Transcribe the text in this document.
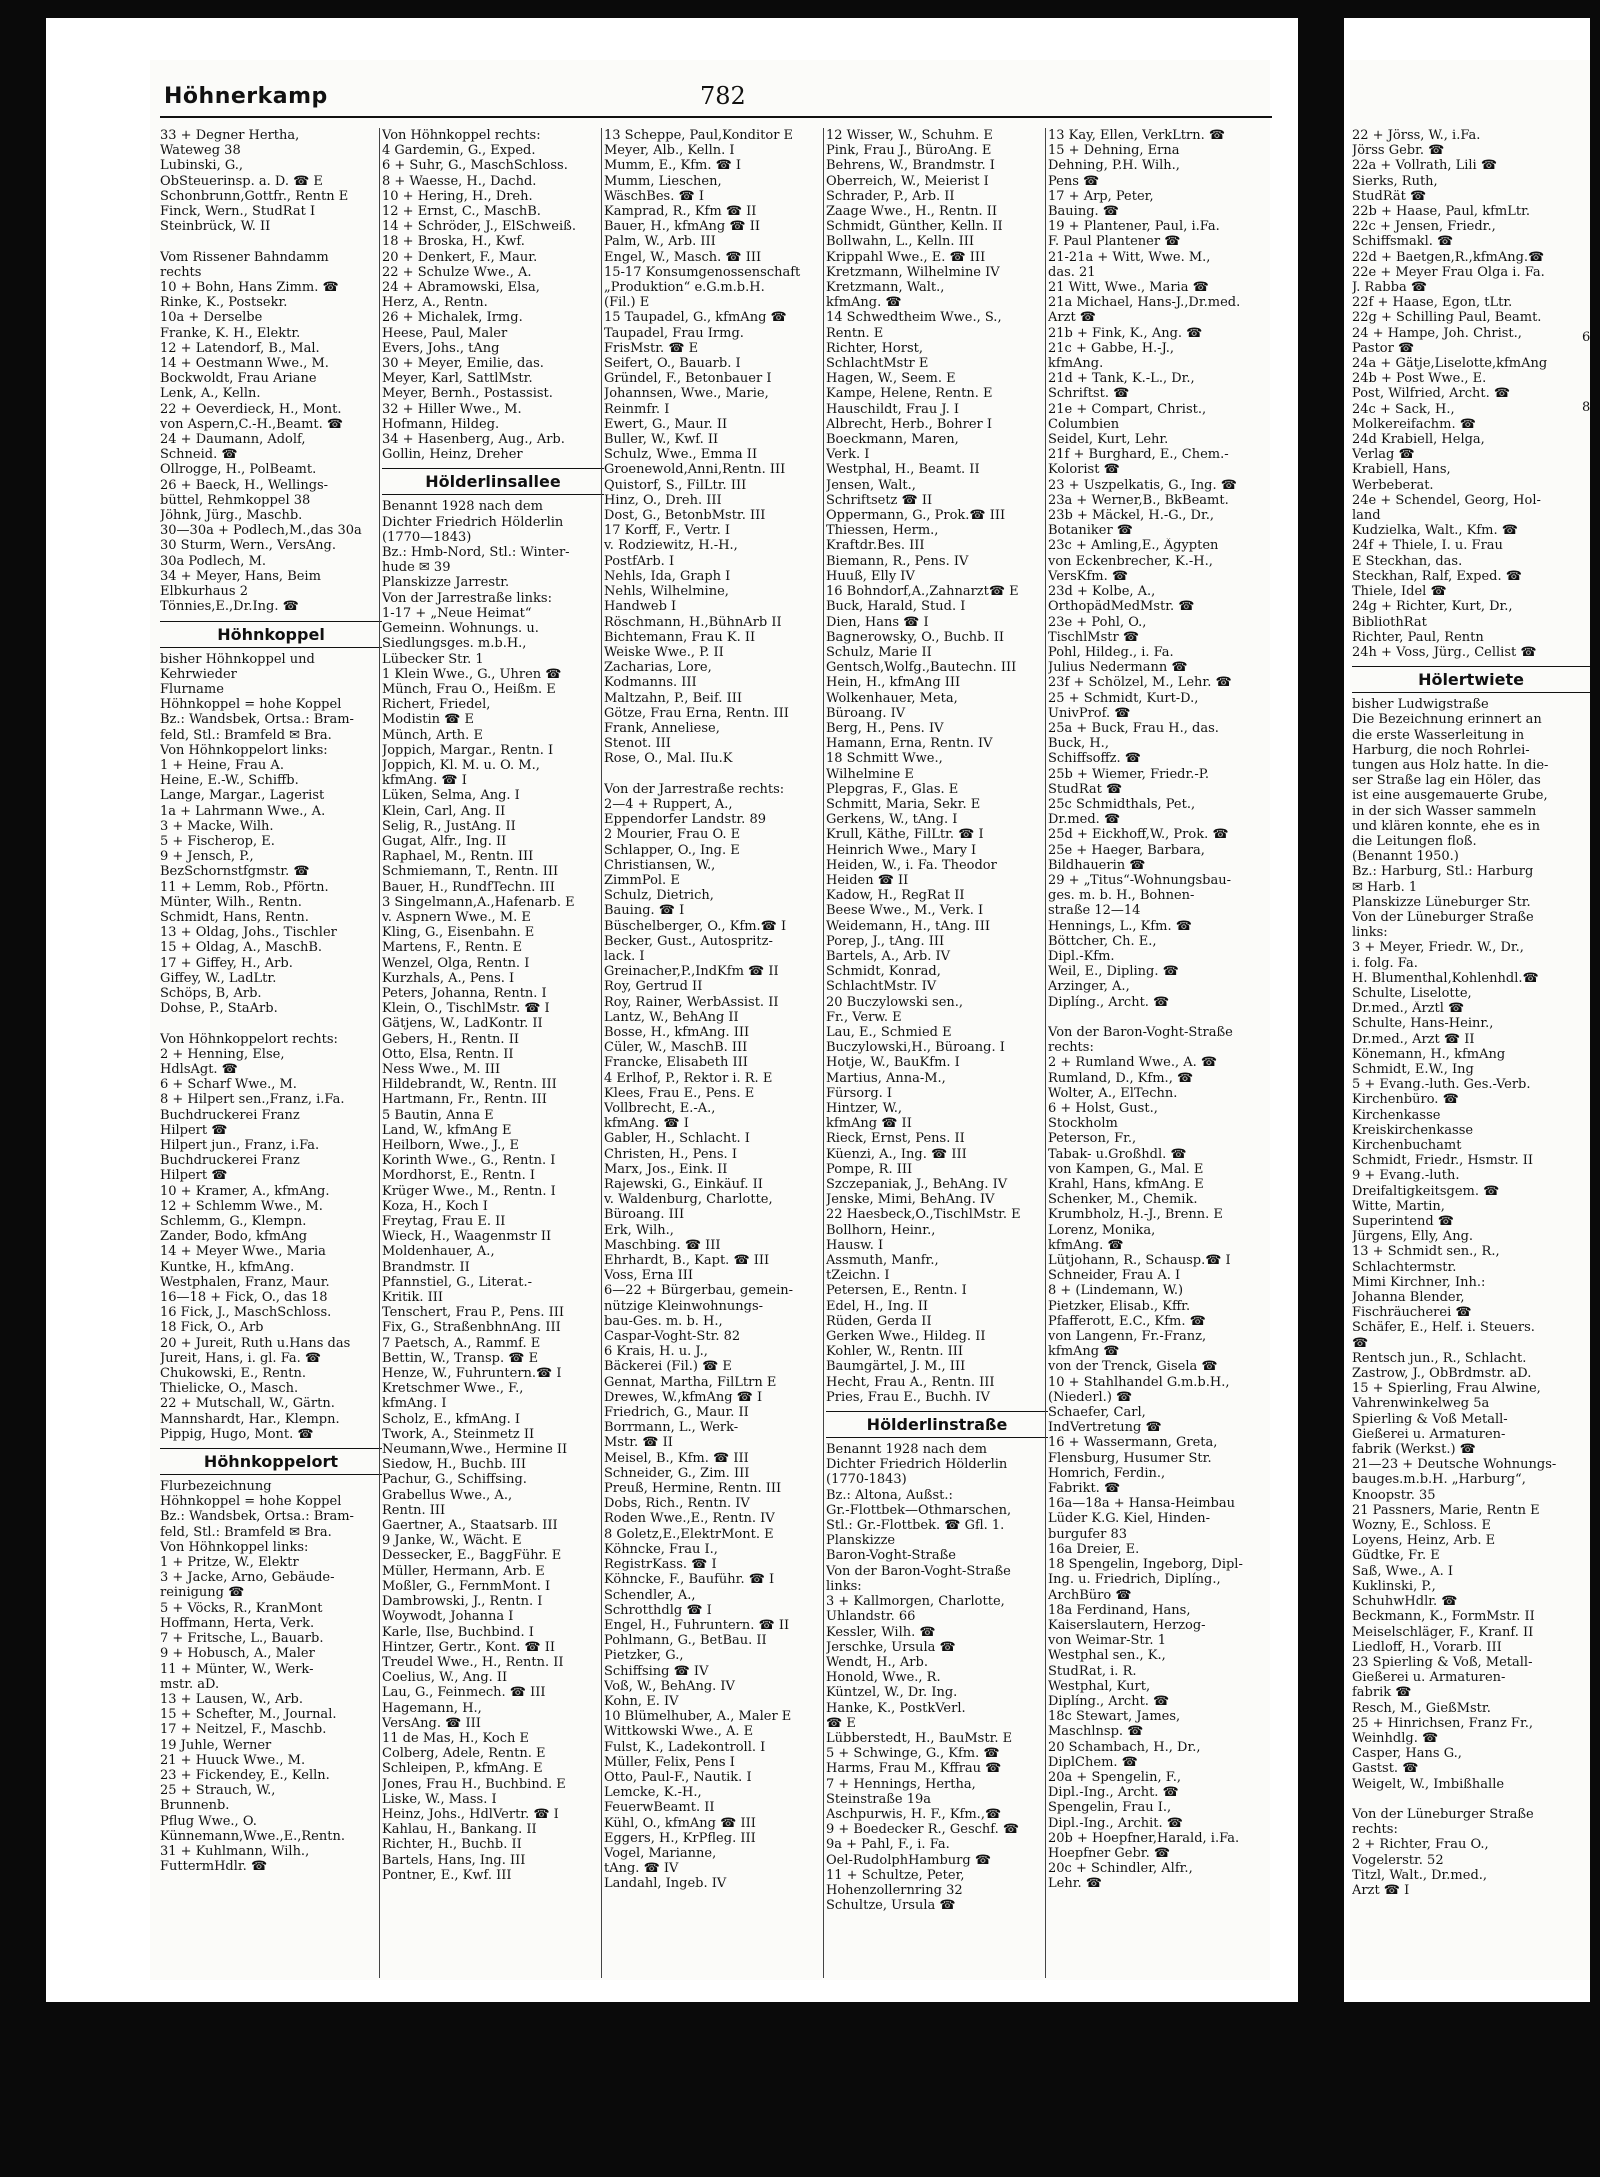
Höhnerkamp	782
33 + Degner Hertha,
Wateweg 38
Lubinski, G.,
ObSteuerinsp. a. D. ☎ E
Schonbrunn,Gottfr., Rentn E
Finck, Wern., StudRat I
Steinbrück, W. II

Vom Rissener Bahndamm
rechts
10 + Bohn, Hans Zimm. ☎
Rinke, K., Postsekr.
10a + Derselbe
Franke, K. H., Elektr.
12 + Latendorf, B., Mal.
14 + Oestmann Wwe., M.
Bockwoldt, Frau Ariane
Lenk, A., Kelln.
22 + Oeverdieck, H., Mont.
von Aspern,C.-H.,Beamt. ☎
24 + Daumann, Adolf,
Schneid. ☎
Ollrogge, H., PolBeamt.
26 + Baeck, H., Wellings-
büttel, Rehmkoppel 38
Jöhnk, Jürg., Maschb.
30—30a + Podlech,M.,das 30a
30 Sturm, Wern., VersAng.
30a Podlech, M.
34 + Meyer, Hans, Beim
Elbkurhaus 2
Tönnies,E.,Dr.Ing. ☎
Höhnkoppel
bisher Höhnkoppel und
Kehrwieder
Flurname
Höhnkoppel = hohe Koppel
Bz.: Wandsbek, Ortsa.: Bram-
feld, Stl.: Bramfeld ✉ Bra.
Von Höhnkoppelort links:
1 + Heine, Frau A.
Heine, E.-W., Schiffb.
Lange, Margar., Lagerist
1a + Lahrmann Wwe., A.
3 + Macke, Wilh.
5 + Fischerop, E.
9 + Jensch, P.,
BezSchornstfgmstr. ☎
11 + Lemm, Rob., Pförtn.
Münter, Wilh., Rentn.
Schmidt, Hans, Rentn.
13 + Oldag, Johs., Tischler
15 + Oldag, A., MaschB.
17 + Giffey, H., Arb.
Giffey, W., LadLtr.
Schöps, B, Arb.
Dohse, P., StaArb.

Von Höhnkoppelort rechts:
2 + Henning, Else,
HdlsAgt. ☎
6 + Scharf Wwe., M.
8 + Hilpert sen.,Franz, i.Fa.
Buchdruckerei Franz
Hilpert ☎
Hilpert jun., Franz, i.Fa.
Buchdruckerei Franz
Hilpert ☎
10 + Kramer, A., kfmAng.
12 + Schlemm Wwe., M.
Schlemm, G., Klempn.
Zander, Bodo, kfmAng
14 + Meyer Wwe., Maria
Kuntke, H., kfmAng.
Westphalen, Franz, Maur.
16—18 + Fick, O., das 18
16 Fick, J., MaschSchloss.
18 Fick, O., Arb
20 + Jureit, Ruth u.Hans das
Jureit, Hans, i. gl. Fa. ☎
Chukowski, E., Rentn.
Thielicke, O., Masch.
22 + Mutschall, W., Gärtn.
Mannshardt, Har., Klempn.
Pippig, Hugo, Mont. ☎
Höhnkoppelort
Flurbezeichnung
Höhnkoppel = hohe Koppel
Bz.: Wandsbek, Ortsa.: Bram-
feld, Stl.: Bramfeld ✉ Bra.
Von Höhnkoppel links:
1 + Pritze, W., Elektr
3 + Jacke, Arno, Gebäude-
reinigung ☎
5 + Vöcks, R., KranMont
Hoffmann, Herta, Verk.
7 + Fritsche, L., Bauarb.
9 + Hobusch, A., Maler
11 + Münter, W., Werk-
mstr. aD.
13 + Lausen, W., Arb.
15 + Schefter, M., Journal.
17 + Neitzel, F., Maschb.
19 Juhle, Werner
21 + Huuck Wwe., M.
23 + Fickendey, E., Kelln.
25 + Strauch, W.,
Brunnenb.
Pflug Wwe., O.
Künnemann,Wwe.,E.,Rentn.
31 + Kuhlmann, Wilh.,
FuttermHdlr. ☎
Von Höhnkoppel rechts:
4 Gardemin, G., Exped.
6 + Suhr, G., MaschSchloss.
8 + Waesse, H., Dachd.
10 + Hering, H., Dreh.
12 + Ernst, C., MaschB.
14 + Schröder, J., ElSchweiß.
18 + Broska, H., Kwf.
20 + Denkert, F., Maur.
22 + Schulze Wwe., A.
24 + Abramowski, Elsa,
Herz, A., Rentn.
26 + Michalek, Irmg.
Heese, Paul, Maler
Evers, Johs., tAng
30 + Meyer, Emilie, das.
Meyer, Karl, SattlMstr.
Meyer, Bernh., Postassist.
32 + Hiller Wwe., M.
Hofmann, Hildeg.
34 + Hasenberg, Aug., Arb.
Gollin, Heinz, Dreher
Hölderlinsallee
Benannt 1928 nach dem
Dichter Friedrich Hölderlin
(1770—1843)
Bz.: Hmb-Nord, Stl.: Winter-
hude ✉ 39
Planskizze Jarrestr.
Von der Jarrestraße links:
1-17 + „Neue Heimat“
Gemeinn. Wohnungs. u.
Siedlungsges. m.b.H.,
Lübecker Str. 1
1 Klein Wwe., G., Uhren ☎
Münch, Frau O., Heißm. E
Richert, Friedel,
Modistin ☎ E
Münch, Arth. E
Joppich, Margar., Rentn. I
Joppich, Kl. M. u. O. M.,
kfmAng. ☎ I
Lüken, Selma, Ang. I
Klein, Carl, Ang. II
Selig, R., JustAng. II
Gugat, Alfr., Ing. II
Raphael, M., Rentn. III
Schmiemann, T., Rentn. III
Bauer, H., RundfTechn. III
3 Singelmann,A.,Hafenarb. E
v. Aspnern Wwe., M. E
Kling, G., Eisenbahn. E
Martens, F., Rentn. E
Wenzel, Olga, Rentn. I
Kurzhals, A., Pens. I
Peters, Johanna, Rentn. I
Klein, O., TischlMstr. ☎ I
Gätjens, W., LadKontr. II
Gebers, H., Rentn. II
Otto, Elsa, Rentn. II
Ness Wwe., M. III
Hildebrandt, W., Rentn. III
Hartmann, Fr., Rentn. III
5 Bautin, Anna E
Land, W., kfmAng E
Heilborn, Wwe., J., E
Korinth Wwe., G., Rentn. I
Mordhorst, E., Rentn. I
Krüger Wwe., M., Rentn. I
Koza, H., Koch I
Freytag, Frau E. II
Wieck, H., Waagenmstr II
Moldenhauer, A.,
Brandmstr. II
Pfannstiel, G., Literat.-
Kritik. III
Tenschert, Frau P., Pens. III
Fix, G., StraßenbhnAng. III
7 Paetsch, A., Rammf. E
Bettin, W., Transp. ☎ E
Henze, W., Fuhruntern.☎ I
Kretschmer Wwe., F.,
kfmAng. I
Scholz, E., kfmAng. I
Twork, A., Steinmetz II
Neumann,Wwe., Hermine II
Siedow, H., Buchb. III
Pachur, G., Schiffsing.
Grabellus Wwe., A.,
Rentn. III
Gaertner, A., Staatsarb. III
9 Janke, W., Wächt. E
Dessecker, E., BaggFühr. E
Müller, Hermann, Arb. E
Moßler, G., FernmMont. I
Dambrowski, J., Rentn. I
Woywodt, Johanna I
Karle, Ilse, Buchbind. I
Hintzer, Gertr., Kont. ☎ II
Treudel Wwe., H., Rentn. II
Coelius, W., Ang. II
Lau, G., Feinmech. ☎ III
Hagemann, H.,
VersAng. ☎ III
11 de Mas, H., Koch E
Colberg, Adele, Rentn. E
Schleipen, P., kfmAng. E
Jones, Frau H., Buchbind. E
Liske, W., Mass. I
Heinz, Johs., HdlVertr. ☎ I
Kahlau, H., Bankang. II
Richter, H., Buchb. II
Bartels, Hans, Ing. III
Pontner, E., Kwf. III
13 Scheppe, Paul,Konditor E
Meyer, Alb., Kelln. I
Mumm, E., Kfm. ☎ I
Mumm, Lieschen,
WäschBes. ☎ I
Kamprad, R., Kfm ☎ II
Bauer, H., kfmAng ☎ II
Palm, W., Arb. III
Engel, W., Masch. ☎ III
15-17 Konsumgenossenschaft
„Produktion“ e.G.m.b.H.
(Fil.) E
15 Taupadel, G., kfmAng ☎
Taupadel, Frau Irmg.
FrisMstr. ☎ E
Seifert, O., Bauarb. I
Gründel, F., Betonbauer I
Johannsen, Wwe., Marie,
Reinmfr. I
Ewert, G., Maur. II
Buller, W., Kwf. II
Schulz, Wwe., Emma II
Groenewold,Anni,Rentn. III
Quistorf, S., FilLtr. III
Hinz, O., Dreh. III
Dost, G., BetonbMstr. III
17 Korff, F., Vertr. I
v. Rodziewitz, H.-H.,
PostfArb. I
Nehls, Ida, Graph I
Nehls, Wilhelmine,
Handweb I
Röschmann, H.,BühnArb II
Bichtemann, Frau K. II
Weiske Wwe., P. II
Zacharias, Lore,
Kodmanns. III
Maltzahn, P., Beif. III
Götze, Frau Erna, Rentn. III
Frank, Anneliese,
Stenot. III
Rose, O., Mal. IIu.K

Von der Jarrestraße rechts:
2—4 + Ruppert, A.,
Eppendorfer Landstr. 89
2 Mourier, Frau O. E
Schlapper, O., Ing. E
Christiansen, W.,
ZimmPol. E
Schulz, Dietrich,
Bauing. ☎ I
Büschelberger, O., Kfm.☎ I
Becker, Gust., Autospritz-
lack. I
Greinacher,P.,IndKfm ☎ II
Roy, Gertrud II
Roy, Rainer, WerbAssist. II
Lantz, W., BehAng II
Bosse, H., kfmAng. III
Cüler, W., MaschB. III
Francke, Elisabeth III
4 Erlhof, P., Rektor i. R. E
Klees, Frau E., Pens. E
Vollbrecht, E.-A.,
kfmAng. ☎ I
Gabler, H., Schlacht. I
Christen, H., Pens. I
Marx, Jos., Eink. II
Rajewski, G., Einkäuf. II
v. Waldenburg, Charlotte,
Büroang. III
Erk, Wilh.,
Maschbing. ☎ III
Ehrhardt, B., Kapt. ☎ III
Voss, Erna III
6—22 + Bürgerbau, gemein-
nützige Kleinwohnungs-
bau-Ges. m. b. H.,
Caspar-Voght-Str. 82
6 Krais, H. u. J.,
Bäckerei (Fil.) ☎ E
Gennat, Martha, FilLtrn E
Drewes, W.,kfmAng ☎ I
Friedrich, G., Maur. II
Borrmann, L., Werk-
Mstr. ☎ II
Meisel, B., Kfm. ☎ III
Schneider, G., Zim. III
Preuß, Hermine, Rentn. III
Dobs, Rich., Rentn. IV
Roden Wwe.,E., Rentn. IV
8 Goletz,E.,ElektrMont. E
Köhncke, Frau I.,
RegistrKass. ☎ I
Köhncke, F., Bauführ. ☎ I
Schendler, A.,
Schrotthdlg ☎ I
Engel, H., Fuhruntern. ☎ II
Pohlmann, G., BetBau. II
Pietzker, G.,
Schiffsing ☎ IV
Voß, W., BehAng. IV
Kohn, E. IV
10 Blümelhuber, A., Maler E
Wittkowski Wwe., A. E
Fulst, K., Ladekontroll. I
Müller, Felix, Pens I
Otto, Paul-F., Nautik. I
Lemcke, K.-H.,
FeuerwBeamt. II
Kühl, O., kfmAng ☎ III
Eggers, H., KrPfleg. III
Vogel, Marianne,
tAng. ☎ IV
Landahl, Ingeb. IV
12 Wisser, W., Schuhm. E
Pink, Frau J., BüroAng. E
Behrens, W., Brandmstr. I
Oberreich, W., Meierist I
Schrader, P., Arb. II
Zaage Wwe., H., Rentn. II
Schmidt, Günther, Kelln. II
Bollwahn, L., Kelln. III
Krippahl Wwe., E. ☎ III
Kretzmann, Wilhelmine IV
Kretzmann, Walt.,
kfmAng. ☎
14 Schwedtheim Wwe., S.,
Rentn. E
Richter, Horst,
SchlachtMstr E
Hagen, W., Seem. E
Kampe, Helene, Rentn. E
Hauschildt, Frau J. I
Albrecht, Herb., Bohrer I
Boeckmann, Maren,
Verk. I
Westphal, H., Beamt. II
Jensen, Walt.,
Schriftsetz ☎ II
Oppermann, G., Prok.☎ III
Thiessen, Herm.,
Kraftdr.Bes. III
Biemann, R., Pens. IV
Huuß, Elly IV
16 Bohndorf,A.,Zahnarzt☎ E
Buck, Harald, Stud. I
Dien, Hans ☎ I
Bagnerowsky, O., Buchb. II
Schulz, Marie II
Gentsch,Wolfg.,Bautechn. III
Hein, H., kfmAng III
Wolkenhauer, Meta,
Büroang. IV
Berg, H., Pens. IV
Hamann, Erna, Rentn. IV
18 Schmitt Wwe.,
Wilhelmine E
Plepgras, F., Glas. E
Schmitt, Maria, Sekr. E
Gerkens, W., tAng. I
Krull, Käthe, FilLtr. ☎ I
Heinrich Wwe., Mary I
Heiden, W., i. Fa. Theodor
Heiden ☎ II
Kadow, H., RegRat II
Beese Wwe., M., Verk. I
Weidemann, H., tAng. III
Porep, J., tAng. III
Bartels, A., Arb. IV
Schmidt, Konrad,
SchlachtMstr. IV
20 Buczylowski sen.,
Fr., Verw. E
Lau, E., Schmied E
Buczylowski,H., Büroang. I
Hotje, W., BauKfm. I
Martius, Anna-M.,
Fürsorg. I
Hintzer, W.,
kfmAng ☎ II
Rieck, Ernst, Pens. II
Küenzi, A., Ing. ☎ III
Pompe, R. III
Szczepaniak, J., BehAng. IV
Jenske, Mimi, BehAng. IV
22 Haesbeck,O.,TischlMstr. E
Bollhorn, Heinr.,
Hausw. I
Assmuth, Manfr.,
tZeichn. I
Petersen, E., Rentn. I
Edel, H., Ing. II
Rüden, Gerda II
Gerken Wwe., Hildeg. II
Kohler, W., Rentn. III
Baumgärtel, J. M., III
Hecht, Frau A., Rentn. III
Pries, Frau E., Buchh. IV
Hölderlinstraße
Benannt 1928 nach dem
Dichter Friedrich Hölderlin
(1770-1843)
Bz.: Altona, Außst.:
Gr.-Flottbek—Othmarschen,
Stl.: Gr.-Flottbek. ☎ Gfl. 1.
Planskizze
Baron-Voght-Straße
Von der Baron-Voght-Straße
links:
3 + Kallmorgen, Charlotte,
Uhlandstr. 66
Kessler, Wilh. ☎
Jerschke, Ursula ☎
Wendt, H., Arb.
Honold, Wwe., R.
Küntzel, W., Dr. Ing.
Hanke, K., PostkVerl.
☎ E
Lübberstedt, H., BauMstr. E
5 + Schwinge, G., Kfm. ☎
Harms, Frau M., Kffrau ☎
7 + Hennings, Hertha,
Steinstraße 19a
Aschpurwis, H. F., Kfm.,☎
9 + Boedecker R., Geschf. ☎
9a + Pahl, F., i. Fa.
Oel-RudolphHamburg ☎
11 + Schultze, Peter,
Hohenzollernring 32
Schultze, Ursula ☎
13 Kay, Ellen, VerkLtrn. ☎
15 + Dehning, Erna
Dehning, P.H. Wilh.,
Pens ☎
17 + Arp, Peter,
Bauing. ☎
19 + Plantener, Paul, i.Fa.
F. Paul Plantener ☎
21-21a + Witt, Wwe. M.,
das. 21
21 Witt, Wwe., Maria ☎
21a Michael, Hans-J.,Dr.med.
Arzt ☎
21b + Fink, K., Ang. ☎
21c + Gabbe, H.-J.,
kfmAng.
21d + Tank, K.-L., Dr.,
Schriftst. ☎
21e + Compart, Christ.,
Columbien
Seidel, Kurt, Lehr.
21f + Burghard, E., Chem.-
Kolorist ☎
23 + Uszpelkatis, G., Ing. ☎
23a + Werner,B., BkBeamt.
23b + Mäckel, H.-G., Dr.,
Botaniker ☎
23c + Amling,E., Ägypten
von Eckenbrecher, K.-H.,
VersKfm. ☎
23d + Kolbe, A.,
OrthopädMedMstr. ☎
23e + Pohl, O.,
TischlMstr ☎
Pohl, Hildeg., i. Fa.
Julius Nedermann ☎
23f + Schölzel, M., Lehr. ☎
25 + Schmidt, Kurt-D.,
UnivProf. ☎
25a + Buck, Frau H., das.
Buck, H.,
Schiffsoffz. ☎
25b + Wiemer, Friedr.-P.
StudRat ☎
25c Schmidthals, Pet.,
Dr.med. ☎
25d + Eickhoff,W., Prok. ☎
25e + Haeger, Barbara,
Bildhauerin ☎
29 + „Titus“-Wohnungsbau-
ges. m. b. H., Bohnen-
straße 12—14
Hennings, L., Kfm. ☎
Böttcher, Ch. E.,
Dipl.-Kfm.
Weil, E., Dipling. ☎
Arzinger, A.,
Diplíng., Archt. ☎

Von der Baron-Voght-Straße
rechts:
2 + Rumland Wwe., A. ☎
Rumland, D., Kfm., ☎
Wolter, A., ElTechn.
6 + Holst, Gust.,
Stockholm
Peterson, Fr.,
Tabak- u.Großhdl. ☎
von Kampen, G., Mal. E
Krahl, Hans, kfmAng. E
Schenker, M., Chemik.
Krumbholz, H.-J., Brenn. E
Lorenz, Monika,
kfmAng. ☎
Lütjohann, R., Schausp.☎ I
Schneider, Frau A. I
8 + (Lindemann, W.)
Pietzker, Elisab., Kffr.
Pfafferott, E.C., Kfm. ☎
von Langenn, Fr.-Franz,
kfmAng ☎
von der Trenck, Gisela ☎
10 + Stahlhandel G.m.b.H.,
(Niederl.) ☎
Schaefer, Carl,
IndVertretung ☎
16 + Wassermann, Greta,
Flensburg, Husumer Str.
Homrich, Ferdin.,
Fabrikt. ☎
16a—18a + Hansa-Heimbau
Lüder K.G. Kiel, Hinden-
burgufer 83
16a Dreier, E.
18 Spengelin, Ingeborg, Dipl-
Ing. u. Friedrich, Diplíng.,
ArchBüro ☎
18a Ferdinand, Hans,
Kaiserslautern, Herzog-
von Weimar-Str. 1
Westphal sen., K.,
StudRat, i. R.
Westphal, Kurt,
Diplíng., Archt. ☎
18c Stewart, James,
Maschlnsp. ☎
20 Schambach, H., Dr.,
DiplChem. ☎
20a + Spengelin, F.,
Dipl.-Ing., Archt. ☎
Spengelin, Frau I.,
Dipl.-Ing., Archit. ☎
20b + Hoepfner,Harald, i.Fa.
Hoepfner Gebr. ☎
20c + Schindler, Alfr.,
Lehr. ☎
22 + Jörss, W., i.Fa.
Jörss Gebr. ☎
22a + Vollrath, Lili ☎
Sierks, Ruth,
StudRät ☎
22b + Haase, Paul, kfmLtr.
22c + Jensen, Friedr.,
Schiffsmakl. ☎
22d + Baetgen,R.,kfmAng.☎
22e + Meyer Frau Olga i. Fa.
J. Rabba ☎
22f + Haase, Egon, tLtr.
22g + Schilling Paul, Beamt.
24 + Hampe, Joh. Christ.,
Pastor ☎
24a + Gätje,Liselotte,kfmAng
24b + Post Wwe., E.
Post, Wilfried, Archt. ☎
24c + Sack, H.,
Molkereifachm. ☎
24d Krabiell, Helga,
Verlag ☎
Krabiell, Hans,
Werbeberat.
24e + Schendel, Georg, Hol-
land
Kudzielka, Walt., Kfm. ☎
24f + Thiele, I. u. Frau
E Steckhan, das.
Steckhan, Ralf, Exped. ☎
Thiele, Idel ☎
24g + Richter, Kurt, Dr.,
BibliothRat
Richter, Paul, Rentn
24h + Voss, Jürg., Cellist ☎
Hölertwiete
bisher Ludwigstraße
Die Bezeichnung erinnert an
die erste Wasserleitung in
Harburg, die noch Rohrlei-
tungen aus Holz hatte. In die-
ser Straße lag ein Höler, das
ist eine ausgemauerte Grube,
in der sich Wasser sammeln
und klären konnte, ehe es in
die Leitungen floß.
(Benannt 1950.)
Bz.: Harburg, Stl.: Harburg
✉ Harb. 1
Planskizze Lüneburger Str.
Von der Lüneburger Straße
links:
3 + Meyer, Friedr. W., Dr.,
i. folg. Fa.
H. Blumenthal,Kohlenhdl.☎
Schulte, Liselotte,
Dr.med., Ärztl ☎
Schulte, Hans-Heinr.,
Dr.med., Arzt ☎ II
Könemann, H., kfmAng
Schmidt, E.W., Ing
5 + Evang.-luth. Ges.-Verb.
Kirchenbüro. ☎
Kirchenkasse
Kreiskirchenkasse
Kirchenbuchamt
Schmidt, Friedr., Hsmstr. II
9 + Evang.-luth.
Dreifaltigkeitsgem. ☎
Witte, Martin,
Superintend ☎
Jürgens, Elly, Ang.
13 + Schmidt sen., R.,
Schlachtermstr.
Mimi Kirchner, Inh.:
Johanna Blender,
Fischräucherei ☎
Schäfer, E., Helf. i. Steuers.
☎
Rentsch jun., R., Schlacht.
Zastrow, J., ObBrdmstr. aD.
15 + Spierling, Frau Alwine,
Vahrenwinkelweg 5a
Spierling & Voß Metall-
Gießerei u. Armaturen-
fabrik (Werkst.) ☎
21—23 + Deutsche Wohnungs-
bauges.m.b.H. „Harburg“,
Knoopstr. 35
21 Passners, Marie, Rentn E
Wozny, E., Schloss. E
Loyens, Heinz, Arb. E
Güdtke, Fr. E
Saß, Wwe., A. I
Kuklinski, P.,
SchuhwHdlr. ☎
Beckmann, K., FormMstr. II
Meiselschläger, F., Kranf. II
Liedloff, H., Vorarb. III
23 Spierling & Voß, Metall-
Gießerei u. Armaturen-
fabrik ☎
Resch, M., GießMstr.
25 + Hinrichsen, Franz Fr.,
Weinhdlg. ☎
Casper, Hans G.,
Gastst. ☎
Weigelt, W., Imbißhalle

Von der Lüneburger Straße
rechts:
2 + Richter, Frau O.,
Vogelerstr. 52
Titzl, Walt., Dr.med.,
Arzt ☎ I
6
8
